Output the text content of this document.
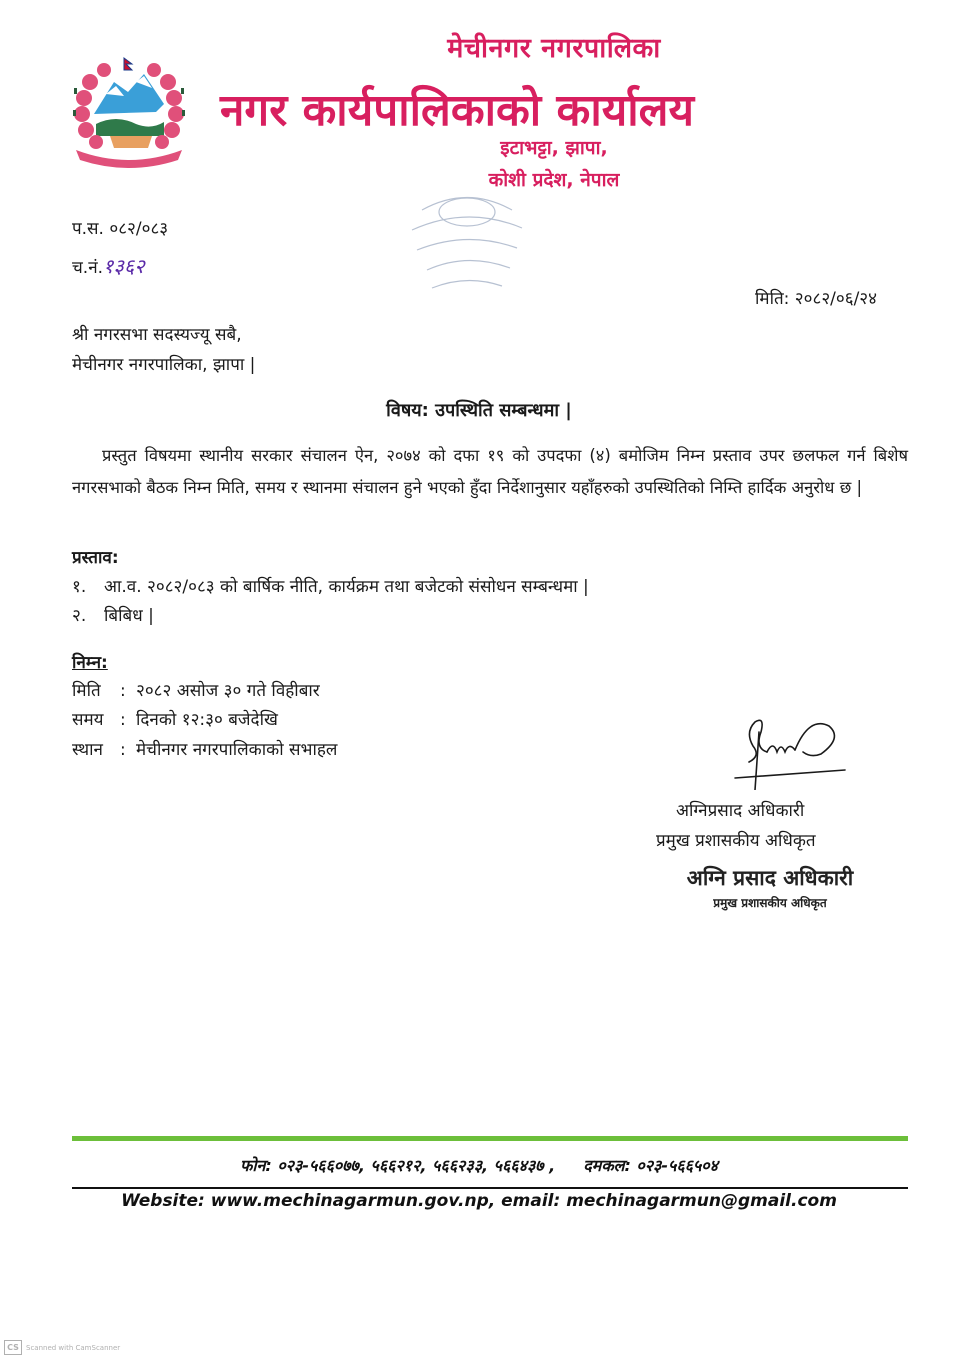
मेचीनगर नगरपालिका
नगर कार्यपालिकाको कार्यालय
इटाभट्टा, झापा,
कोशी प्रदेश, नेपाल
प.स. ०८२/०८३
च.नं.१३६२
मिति: २०८२/०६/२४
श्री नगरसभा सदस्यज्यू सबै,
मेचीनगर नगरपालिका, झापा |
विषय: उपस्थिति सम्बन्धमा |
प्रस्तुत विषयमा स्थानीय सरकार संचालन ऐन, २०७४ को दफा १९ को उपदफा (४) बमोजिम निम्न प्रस्ताव उपर छलफल गर्न बिशेष नगरसभाको बैठक निम्न मिति, समय र स्थानमा संचालन हुने भएको हुँदा निर्देशानुसार यहाँहरुको उपस्थितिको निम्ति हार्दिक अनुरोध छ |
प्रस्ताव:
१. आ.व. २०८२/०८३ को बार्षिक नीति, कार्यक्रम तथा बजेटको संसोधन सम्बन्धमा |
२. बिबिध |
निम्न:
मिति : २०८२ असोज ३० गते विहीबार
समय : दिनको १२:३० बजेदेखि
स्थान : मेचीनगर नगरपालिकाको सभाहल
अग्निप्रसाद अधिकारी
प्रमुख प्रशासकीय अधिकृत
अग्नि प्रसाद अधिकारी
प्रमुख प्रशासकीय अधिकृत
फोन: ०२३-५६६०७७, ५६६२१२, ५६६२३३, ५६६४३७ , दमकल: ०२३-५६६५०४
Website: www.mechinagarmun.gov.np, email: mechinagarmun@gmail.com
CS	Scanned with CamScanner
